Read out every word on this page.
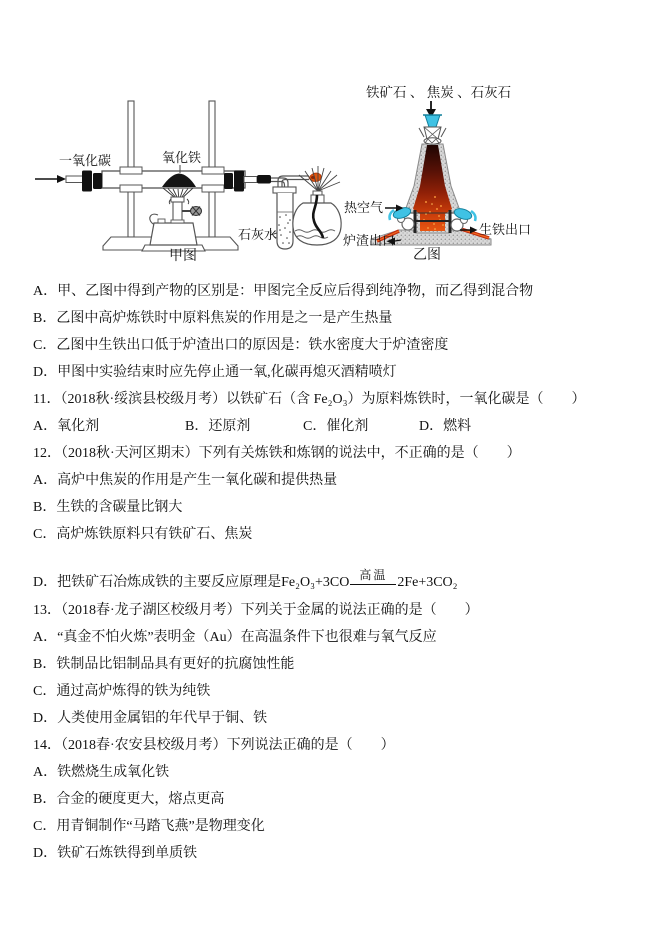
一氧化碳	氧化铁
石灰水
甲图
铁矿石 、 焦炭 、石灰石
热空气
炉渣出口
生铁出口
乙图
A．甲、乙图中得到产物的区别是：甲图完全反应后得到纯净物，而乙得到混合物
B．乙图中高炉炼铁时中原料焦炭的作用是之一是产生热量
C．乙图中生铁出口低于炉渣出口的原因是：铁水密度大于炉渣密度
D．甲图中实验结束时应先停止通一氧,化碳再熄灭酒精喷灯
11．（2018秋·绥滨县校级月考）以铁矿石（含 Fe₂O₃）为原料炼铁时，一氧化碳是（　　）
A．氧化剂	B．还原剂	C．催化剂	D．燃料
12．（2018秋·天河区期末）下列有关炼铁和炼钢的说法中，不正确的是（　　）
A．高炉中焦炭的作用是产生一氧化碳和提供热量
B．生铁的含碳量比钢大
C．高炉炼铁原料只有铁矿石、焦炭
D．把铁矿石冶炼成铁的主要反应原理是 Fe₂O₃+3CO 高温 2Fe+3CO₂
13．（2018春·龙子湖区校级月考）下列关于金属的说法正确的是（　　）
A．“真金不怕火炼”表明金（Au）在高温条件下也很难与氧气反应
B．铁制品比铝制品具有更好的抗腐蚀性能
C．通过高炉炼得的铁为纯铁
D．人类使用金属铝的年代早于铜、铁
14．（2018春·农安县校级月考）下列说法正确的是（　　）
A．铁燃烧生成氧化铁
B．合金的硬度更大，熔点更高
C．用青铜制作“马踏飞燕”是物理变化
D．铁矿石炼铁得到单质铁
